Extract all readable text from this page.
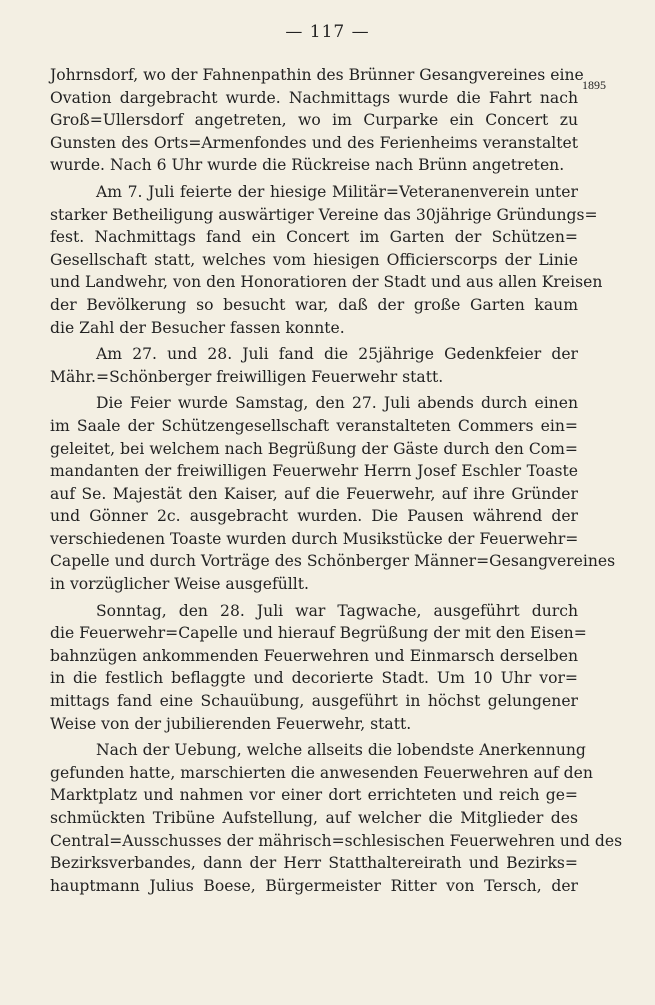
— 117 —
1895
Johrnsdorf, wo der Fahnenpathin des Brünner Gesangvereines eine
Ovation dargebracht wurde. Nachmittags wurde die Fahrt nach
Groß=Ullersdorf angetreten, wo im Curparke ein Concert zu
Gunsten des Orts=Armenfondes und des Ferienheims veranstaltet
wurde. Nach 6 Uhr wurde die Rückreise nach Brünn angetreten.
Am 7. Juli feierte der hiesige Militär=Veteranenverein unter
starker Betheiligung auswärtiger Vereine das 30jährige Gründungs=
fest. Nachmittags fand ein Concert im Garten der Schützen=
Gesellschaft statt, welches vom hiesigen Officierscorps der Linie
und Landwehr, von den Honoratioren der Stadt und aus allen Kreisen
der Bevölkerung so besucht war, daß der große Garten kaum
die Zahl der Besucher fassen konnte.
Am 27. und 28. Juli fand die 25jährige Gedenkfeier der
Mähr.=Schönberger freiwilligen Feuerwehr statt.
Die Feier wurde Samstag, den 27. Juli abends durch einen
im Saale der Schützengesellschaft veranstalteten Commers ein=
geleitet, bei welchem nach Begrüßung der Gäste durch den Com=
mandanten der freiwilligen Feuerwehr Herrn Josef Eschler Toaste
auf Se. Majestät den Kaiser, auf die Feuerwehr, auf ihre Gründer
und Gönner 2c. ausgebracht wurden. Die Pausen während der
verschiedenen Toaste wurden durch Musikstücke der Feuerwehr=
Capelle und durch Vorträge des Schönberger Männer=Gesangvereines
in vorzüglicher Weise ausgefüllt.
Sonntag, den 28. Juli war Tagwache, ausgeführt durch
die Feuerwehr=Capelle und hierauf Begrüßung der mit den Eisen=
bahnzügen ankommenden Feuerwehren und Einmarsch derselben
in die festlich beflaggte und decorierte Stadt. Um 10 Uhr vor=
mittags fand eine Schauübung, ausgeführt in höchst gelungener
Weise von der jubilierenden Feuerwehr, statt.
Nach der Uebung, welche allseits die lobendste Anerkennung
gefunden hatte, marschierten die anwesenden Feuerwehren auf den
Marktplatz und nahmen vor einer dort errichteten und reich ge=
schmückten Tribüne Aufstellung, auf welcher die Mitglieder des
Central=Ausschusses der mährisch=schlesischen Feuerwehren und des
Bezirksverbandes, dann der Herr Statthaltereirath und Bezirks=
hauptmann Julius Boese, Bürgermeister Ritter von Tersch, der
